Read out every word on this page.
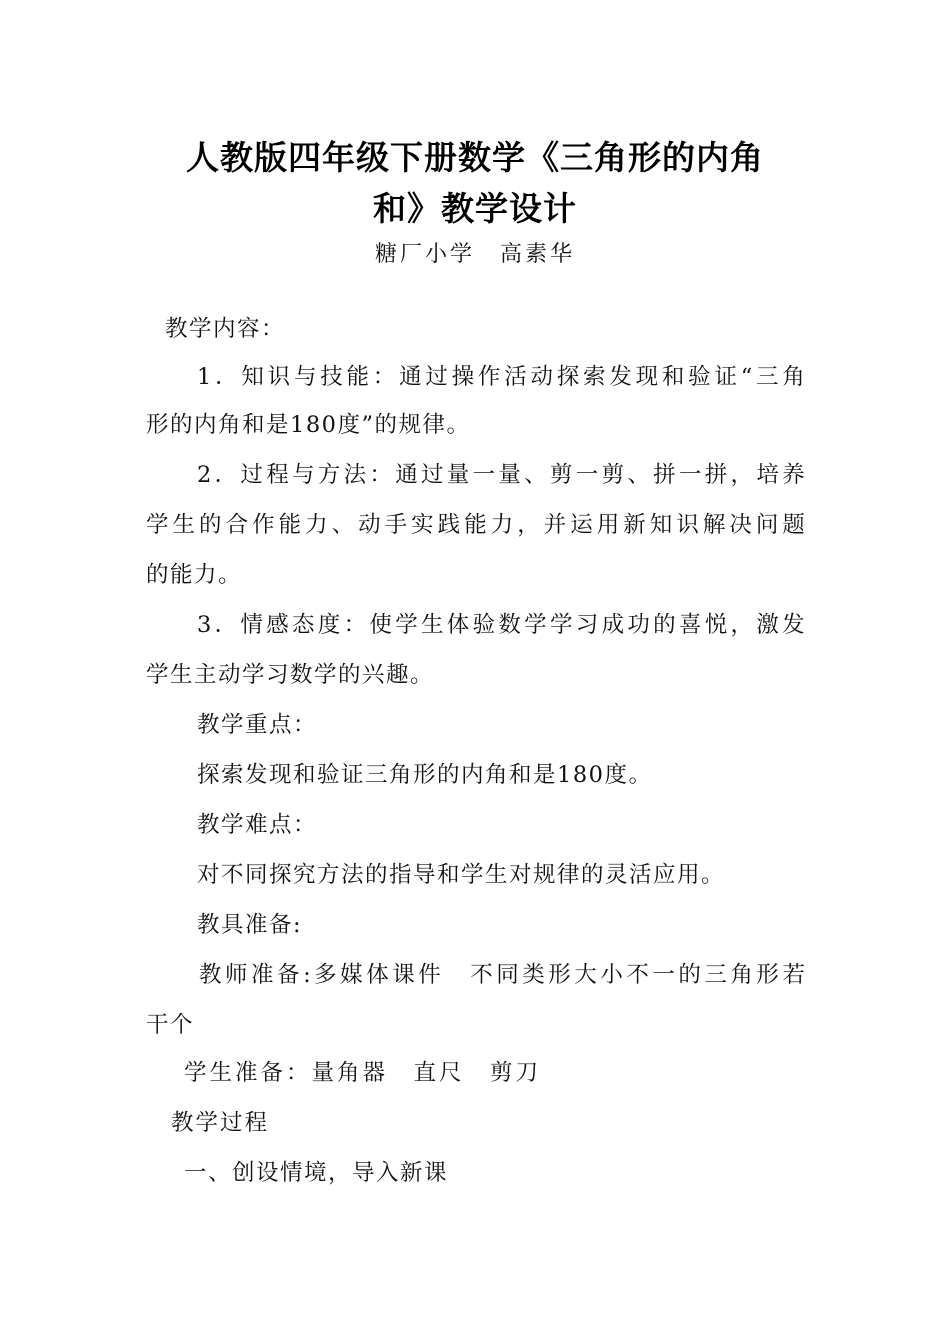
人教版四年级下册数学《三角形的内角
和》教学设计
糖厂小学　高素华
教学内容：
1 ． 知 识 与 技 能 ： 通 过 操 作 活 动 探 索 发 现 和 验 证 “ 三 角
形的内角和是180度”的规律。
2 ． 过 程 与 方 法 ： 通 过 量 一 量 、 剪 一 剪 、 拼 一 拼 ， 培 养
学 生 的 合 作 能 力 、 动 手 实 践 能 力 ， 并 运 用 新 知 识 解 决 问 题
的能力。
3 ． 情 感 态 度 ： 使 学 生 体 验 数 学 学 习 成 功 的 喜 悦 ， 激 发
学生主动学习数学的兴趣。
教学重点：
探索发现和验证三角形的内角和是180度。
教学难点：
对不同探究方法的指导和学生对规律的灵活应用。
教具准备:
教 师 准 备 : 多 媒 体 课 件
　 不 同 类 形 大 小 不 一 的 三 角 形 若
干个
学生准备：量角器　直尺　剪刀
教学过程
一、创设情境，导入新课
